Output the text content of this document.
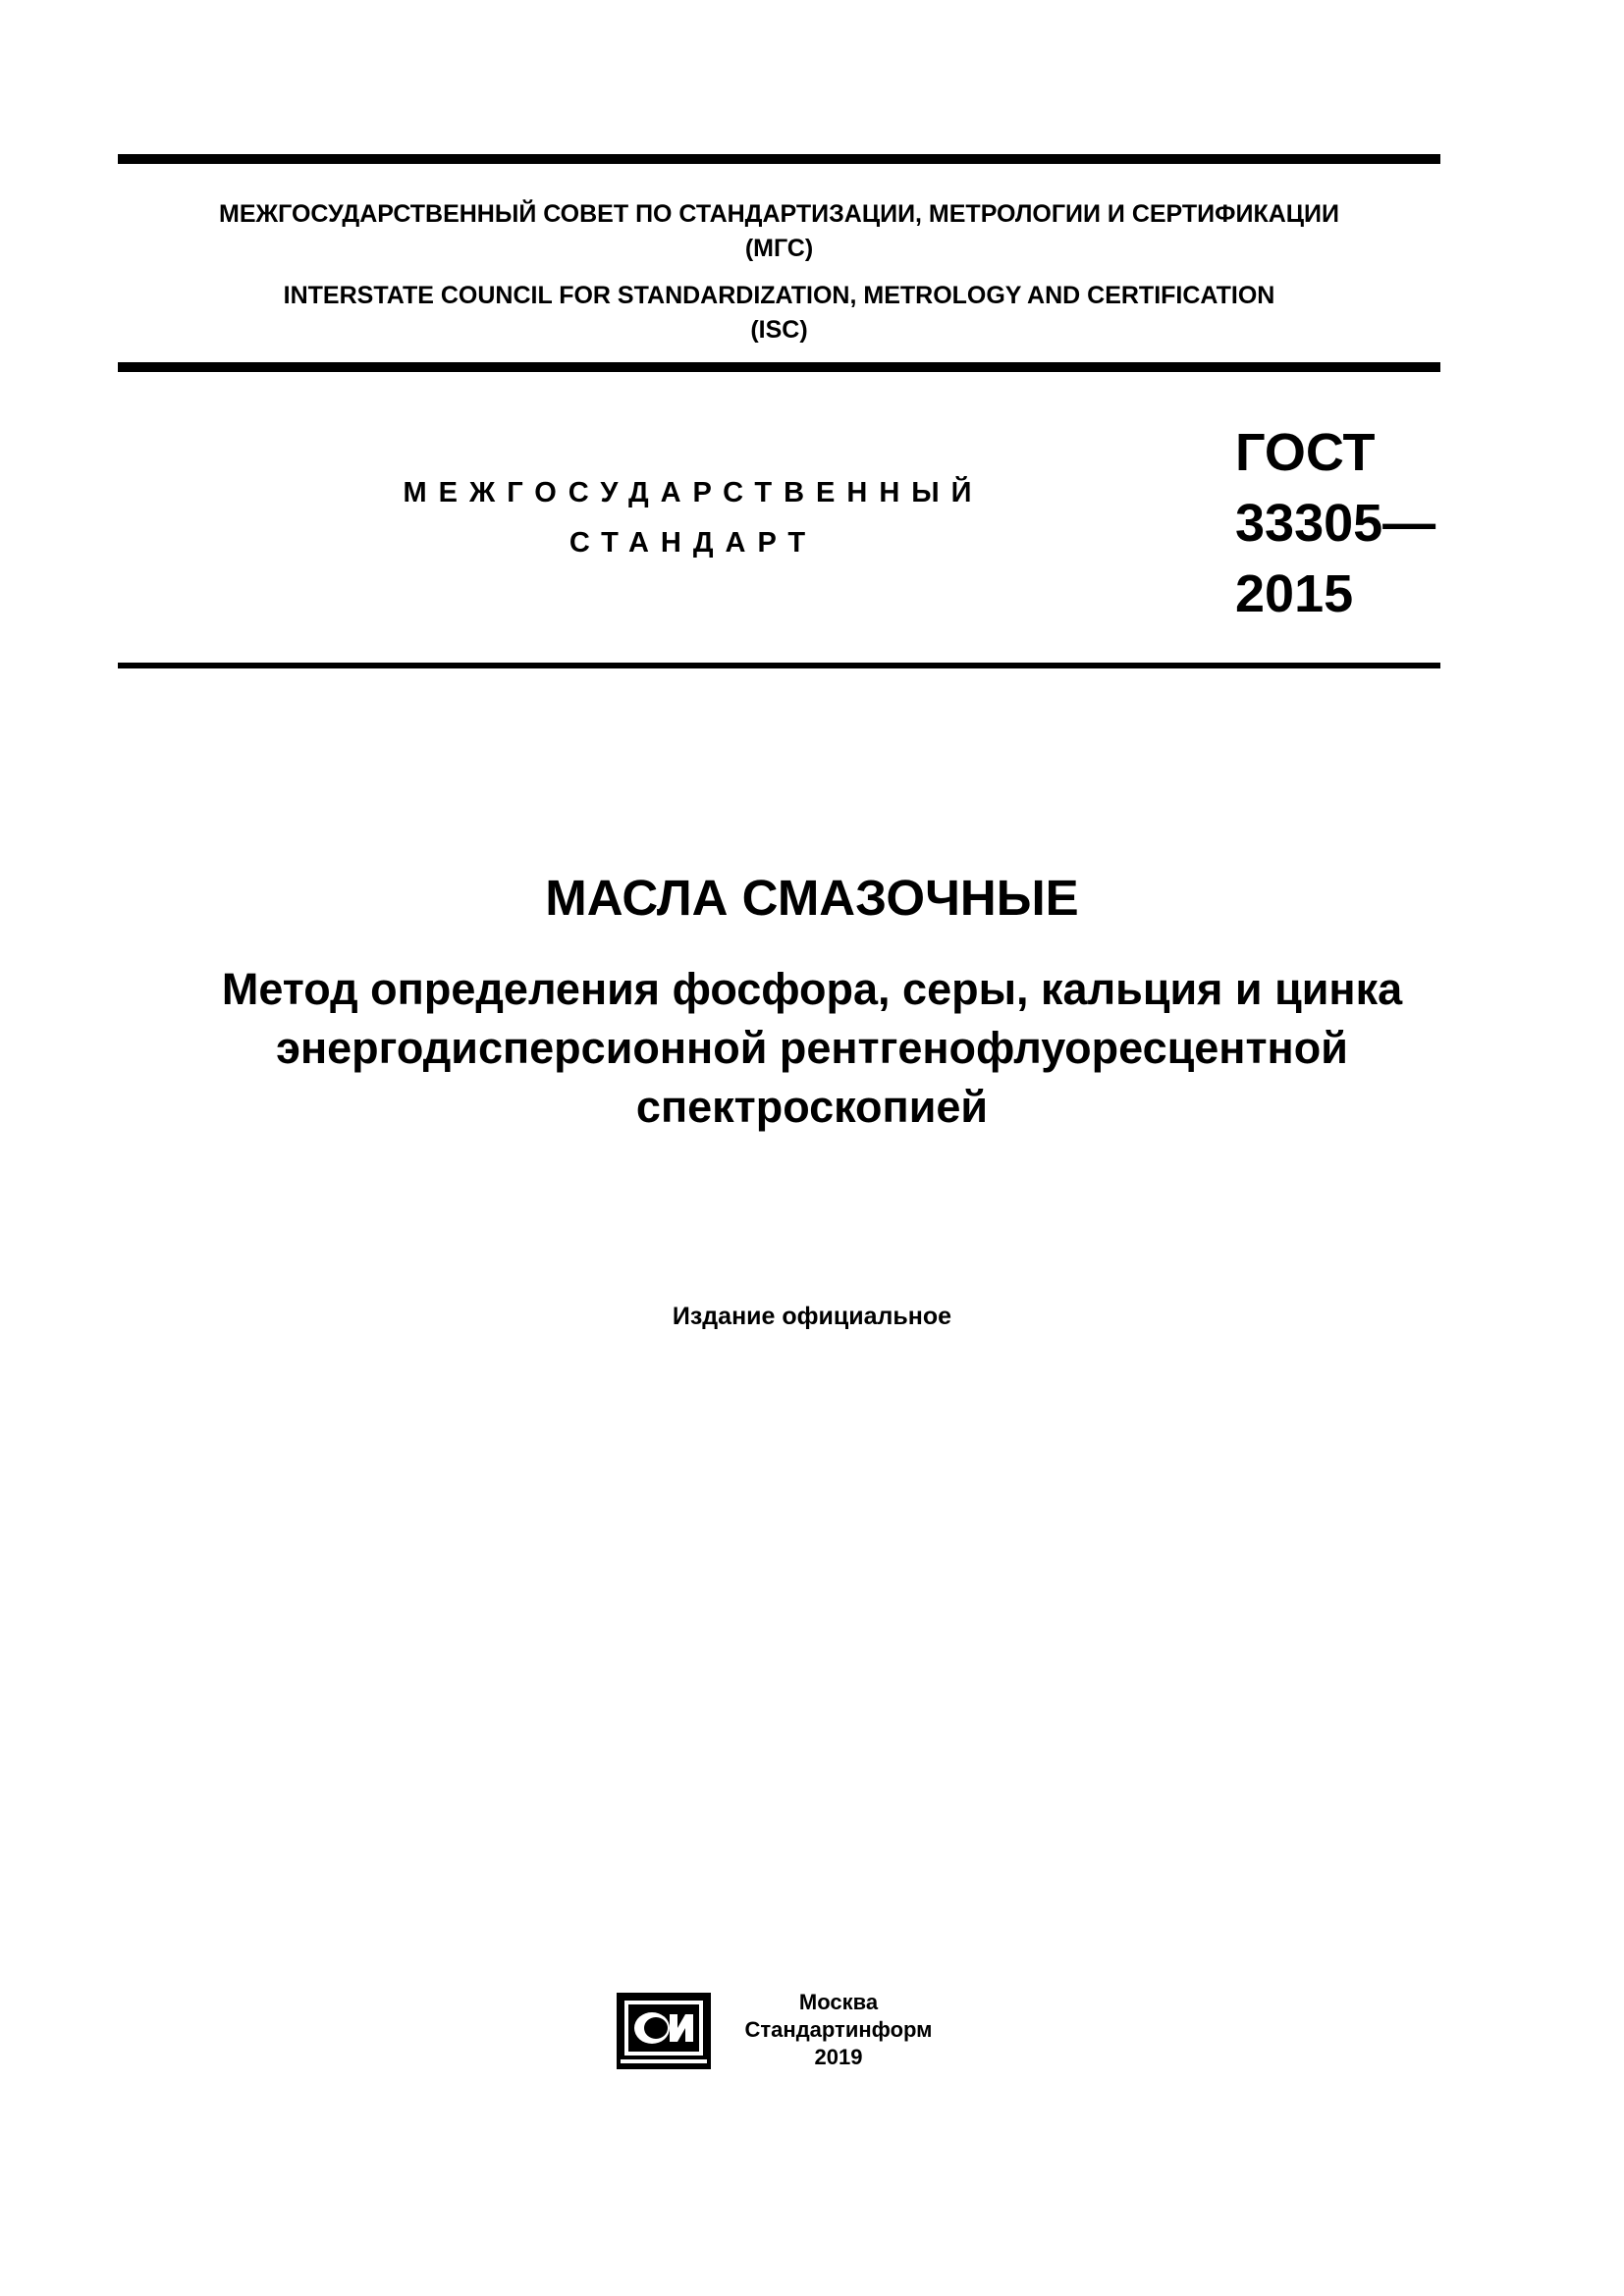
МЕЖГОСУДАРСТВЕННЫЙ СОВЕТ ПО СТАНДАРТИЗАЦИИ, МЕТРОЛОГИИ И СЕРТИФИКАЦИИ
(МГС)
INTERSTATE COUNCIL FOR STANDARDIZATION, METROLOGY AND CERTIFICATION
(ISC)
МЕЖГОСУДАРСТВЕННЫЙ
СТАНДАРТ
ГОСТ
33305—
2015
МАСЛА СМАЗОЧНЫЕ
Метод определения фосфора, серы, кальция и цинка
энергодисперсионной рентгенофлуоресцентной
спектроскопией
Издание официальное
Москва
Стандартинформ
2019
